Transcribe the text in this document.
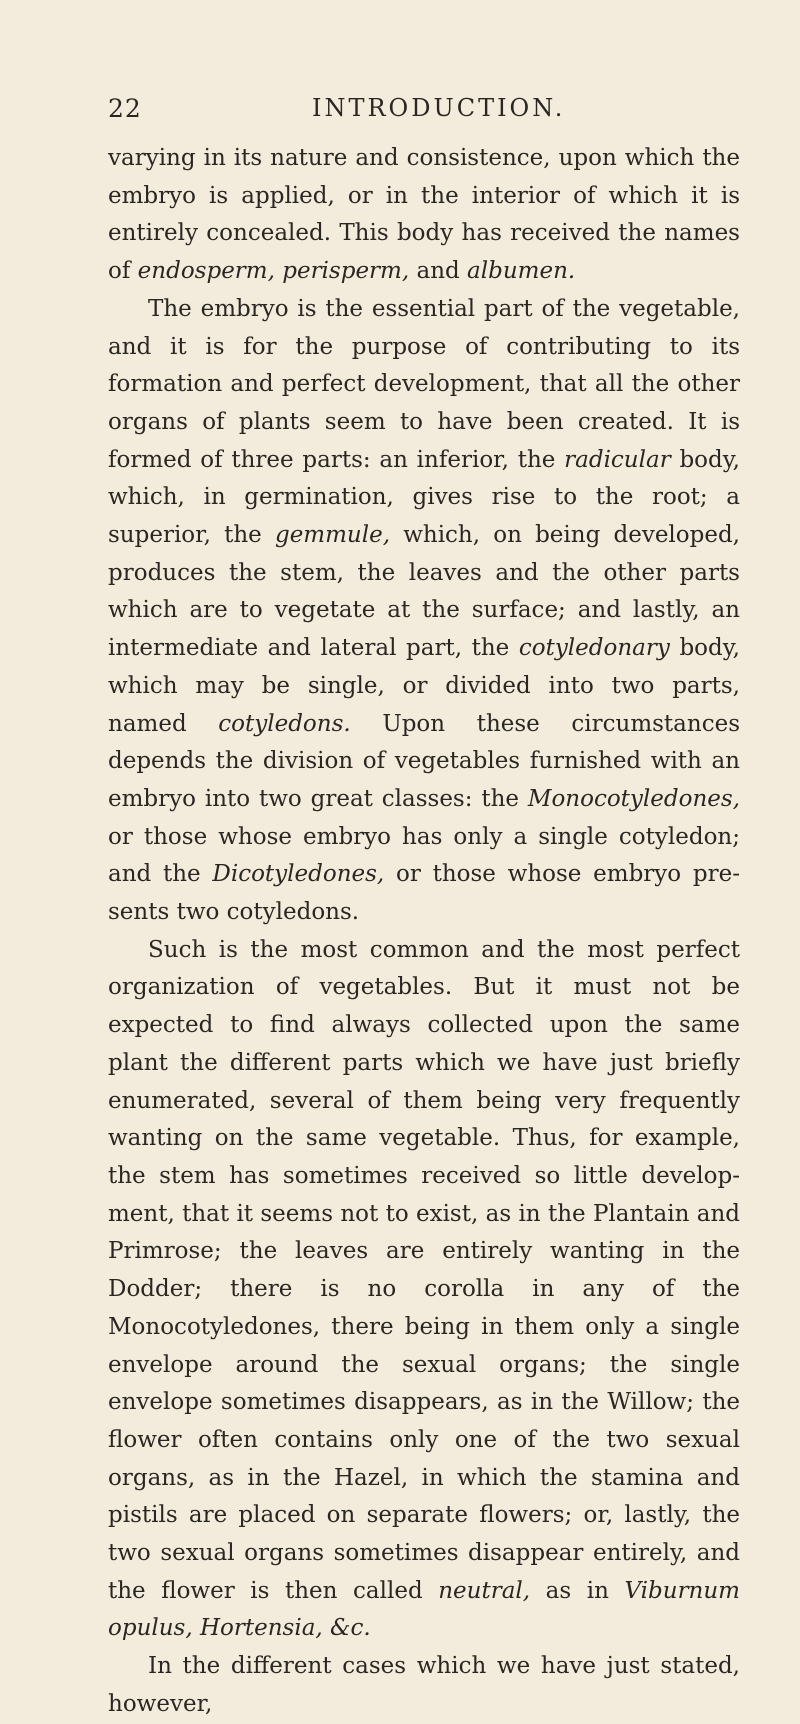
22	INTRODUCTION.

varying in its nature and consistence, upon which the embryo is applied, or in the interior of which it is entirely concealed. This body has received the names of endosperm, perisperm, and albumen.

The embryo is the essential part of the vegetable, and it is for the purpose of contributing to its formation and perfect development, that all the other organs of plants seem to have been created. It is formed of three parts: an inferior, the radicular body, which, in germination, gives rise to the root; a superior, the gemmule, which, on being developed, produces the stem, the leaves and the other parts which are to vegetate at the surface; and lastly, an intermediate and lateral part, the cotyledonary body, which may be single, or divided into two parts, named cotyledons. Upon these circumstances depends the division of vegetables furnished with an embryo into two great classes: the Monocotyledones, or those whose embryo has only a single cotyledon; and the Dicotyledones, or those whose embryo presents two cotyledons.

Such is the most common and the most perfect organization of vegetables. But it must not be expected to find always collected upon the same plant the different parts which we have just briefly enumerated, several of them being very frequently wanting on the same vegetable. Thus, for example, the stem has sometimes received so little development, that it seems not to exist, as in the Plantain and Primrose; the leaves are entirely wanting in the Dodder; there is no corolla in any of the Monocotyledones, there being in them only a single envelope around the sexual organs; the single envelope sometimes disappears, as in the Willow; the flower often contains only one of the two sexual organs, as in the Hazel, in which the stamina and pistils are placed on separate flowers; or, lastly, the two sexual organs sometimes disappear entirely, and the flower is then called neutral, as in Viburnum opulus, Hortensia, &c.

In the different cases which we have just stated, however,
